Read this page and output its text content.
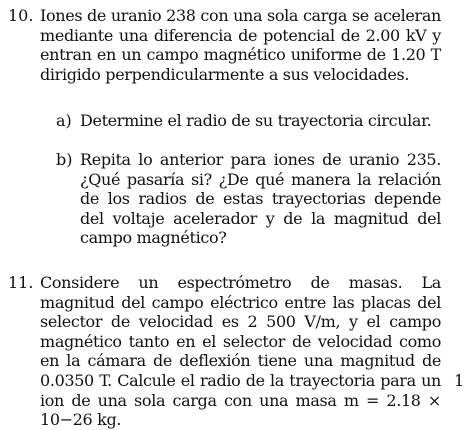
10. Iones de uranio 238 con una sola carga se aceleran mediante una diferencia de potencial de 2.00 kV y entran en un campo magnético uniforme de 1.20 T dirigido perpendicularmente a sus velocidades.
a) Determine el radio de su trayectoria circular.
b) Repita lo anterior para iones de uranio 235. ¿Qué pasaría si? ¿De qué manera la relación de los radios de estas trayectorias depende del voltaje acelerador y de la magnitud del campo magnético?
11. Considere un espectrómetro de masas. La magnitud del campo eléctrico entre las placas del selector de velocidad es 2 500 V/m, y el campo magnético tanto en el selector de velocidad como en la cámara de deflexión tiene una magnitud de 0.0350 T. Calcule el radio de la trayectoria para un ion de una sola carga con una masa m = 2.18 × 10−26 kg.
1
